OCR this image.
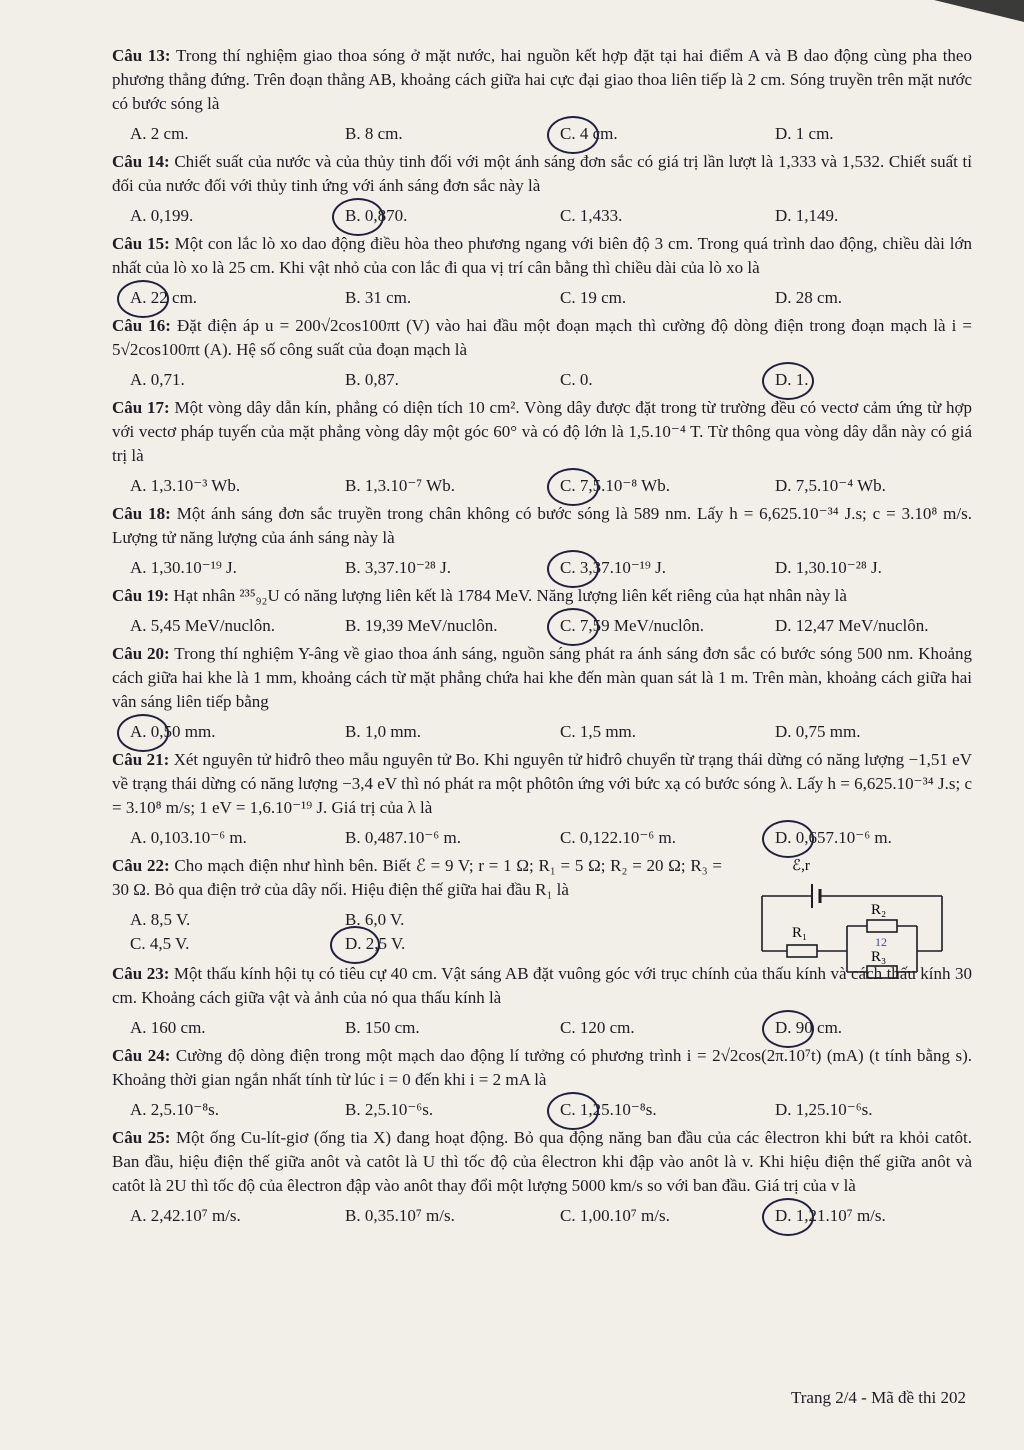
Câu 13: Trong thí nghiệm giao thoa sóng ở mặt nước, hai nguồn kết hợp đặt tại hai điểm A và B dao động cùng pha theo phương thẳng đứng. Trên đoạn thẳng AB, khoảng cách giữa hai cực đại giao thoa liên tiếp là 2 cm. Sóng truyền trên mặt nước có bước sóng là

A. 2 cm.	B. 8 cm.	C. 4 cm.	D. 1 cm.

Câu 14: Chiết suất của nước và của thủy tinh đối với một ánh sáng đơn sắc có giá trị lần lượt là 1,333 và 1,532. Chiết suất tỉ đối của nước đối với thủy tinh ứng với ánh sáng đơn sắc này là

A. 0,199.	B. 0,870.	C. 1,433.	D. 1,149.

Câu 15: Một con lắc lò xo dao động điều hòa theo phương ngang với biên độ 3 cm. Trong quá trình dao động, chiều dài lớn nhất của lò xo là 25 cm. Khi vật nhỏ của con lắc đi qua vị trí cân bằng thì chiều dài của lò xo là

A. 22 cm.	B. 31 cm.	C. 19 cm.	D. 28 cm.

Câu 16: Đặt điện áp u = 200√2cos100πt (V) vào hai đầu một đoạn mạch thì cường độ dòng điện trong đoạn mạch là i = 5√2cos100πt (A). Hệ số công suất của đoạn mạch là

A. 0,71.	B. 0,87.	C. 0.	D. 1.

Câu 17: Một vòng dây dẫn kín, phẳng có diện tích 10 cm². Vòng dây được đặt trong từ trường đều có vectơ cảm ứng từ hợp với vectơ pháp tuyến của mặt phẳng vòng dây một góc 60° và có độ lớn là 1,5.10⁻⁴ T. Từ thông qua vòng dây dẫn này có giá trị là

A. 1,3.10⁻³ Wb.	B. 1,3.10⁻⁷ Wb.	C. 7,5.10⁻⁸ Wb.	D. 7,5.10⁻⁴ Wb.

Câu 18: Một ánh sáng đơn sắc truyền trong chân không có bước sóng là 589 nm. Lấy h = 6,625.10⁻³⁴ J.s; c = 3.10⁸ m/s. Lượng tử năng lượng của ánh sáng này là

A. 1,30.10⁻¹⁹ J.	B. 3,37.10⁻²⁸ J.	C. 3,37.10⁻¹⁹ J.	D. 1,30.10⁻²⁸ J.

Câu 19: Hạt nhân ²³⁵₉₂U có năng lượng liên kết là 1784 MeV. Năng lượng liên kết riêng của hạt nhân này là

A. 5,45 MeV/nuclôn.	B. 19,39 MeV/nuclôn.	C. 7,59 MeV/nuclôn.	D. 12,47 MeV/nuclôn.

Câu 20: Trong thí nghiệm Y-âng về giao thoa ánh sáng, nguồn sáng phát ra ánh sáng đơn sắc có bước sóng 500 nm. Khoảng cách giữa hai khe là 1 mm, khoảng cách từ mặt phẳng chứa hai khe đến màn quan sát là 1 m. Trên màn, khoảng cách giữa hai vân sáng liên tiếp bằng

A. 0,50 mm.	B. 1,0 mm.	C. 1,5 mm.	D. 0,75 mm.

Câu 21: Xét nguyên tử hiđrô theo mẫu nguyên tử Bo. Khi nguyên tử hiđrô chuyển từ trạng thái dừng có năng lượng −1,51 eV về trạng thái dừng có năng lượng −3,4 eV thì nó phát ra một phôtôn ứng với bức xạ có bước sóng λ. Lấy h = 6,625.10⁻³⁴ J.s; c = 3.10⁸ m/s; 1 eV = 1,6.10⁻¹⁹ J. Giá trị của λ là

A. 0,103.10⁻⁶ m.	B. 0,487.10⁻⁶ m.	C. 0,122.10⁻⁶ m.	D. 0,657.10⁻⁶ m.

Câu 22: Cho mạch điện như hình bên. Biết ℰ = 9 V; r = 1 Ω; R₁ = 5 Ω; R₂ = 20 Ω; R₃ = 30 Ω. Bỏ qua điện trở của dây nối. Hiệu điện thế giữa hai đầu R₁ là

A. 8,5 V.	B. 6,0 V.
C. 4,5 V.	D. 2,5 V.
ℰ,r
R₁
R₂
R₃
12

Câu 23: Một thấu kính hội tụ có tiêu cự 40 cm. Vật sáng AB đặt vuông góc với trục chính của thấu kính và cách thấu kính 30 cm. Khoảng cách giữa vật và ảnh của nó qua thấu kính là

A. 160 cm.	B. 150 cm.	C. 120 cm.	D. 90 cm.

Câu 24: Cường độ dòng điện trong một mạch dao động lí tưởng có phương trình i = 2√2cos(2π.10⁷t) (mA) (t tính bằng s). Khoảng thời gian ngắn nhất tính từ lúc i = 0 đến khi i = 2 mA là

A. 2,5.10⁻⁸s.	B. 2,5.10⁻⁶s.	C. 1,25.10⁻⁸s.	D. 1,25.10⁻⁶s.

Câu 25: Một ống Cu-lít-giơ (ống tia X) đang hoạt động. Bỏ qua động năng ban đầu của các êlectron khi bứt ra khỏi catôt. Ban đầu, hiệu điện thế giữa anôt và catôt là U thì tốc độ của êlectron khi đập vào anôt là v. Khi hiệu điện thế giữa anôt và catôt là 2U thì tốc độ của êlectron đập vào anôt thay đổi một lượng 5000 km/s so với ban đầu. Giá trị của v là

A. 2,42.10⁷ m/s.	B. 0,35.10⁷ m/s.	C. 1,00.10⁷ m/s.	D. 1,21.10⁷ m/s.
Trang 2/4 - Mã đề thi 202
